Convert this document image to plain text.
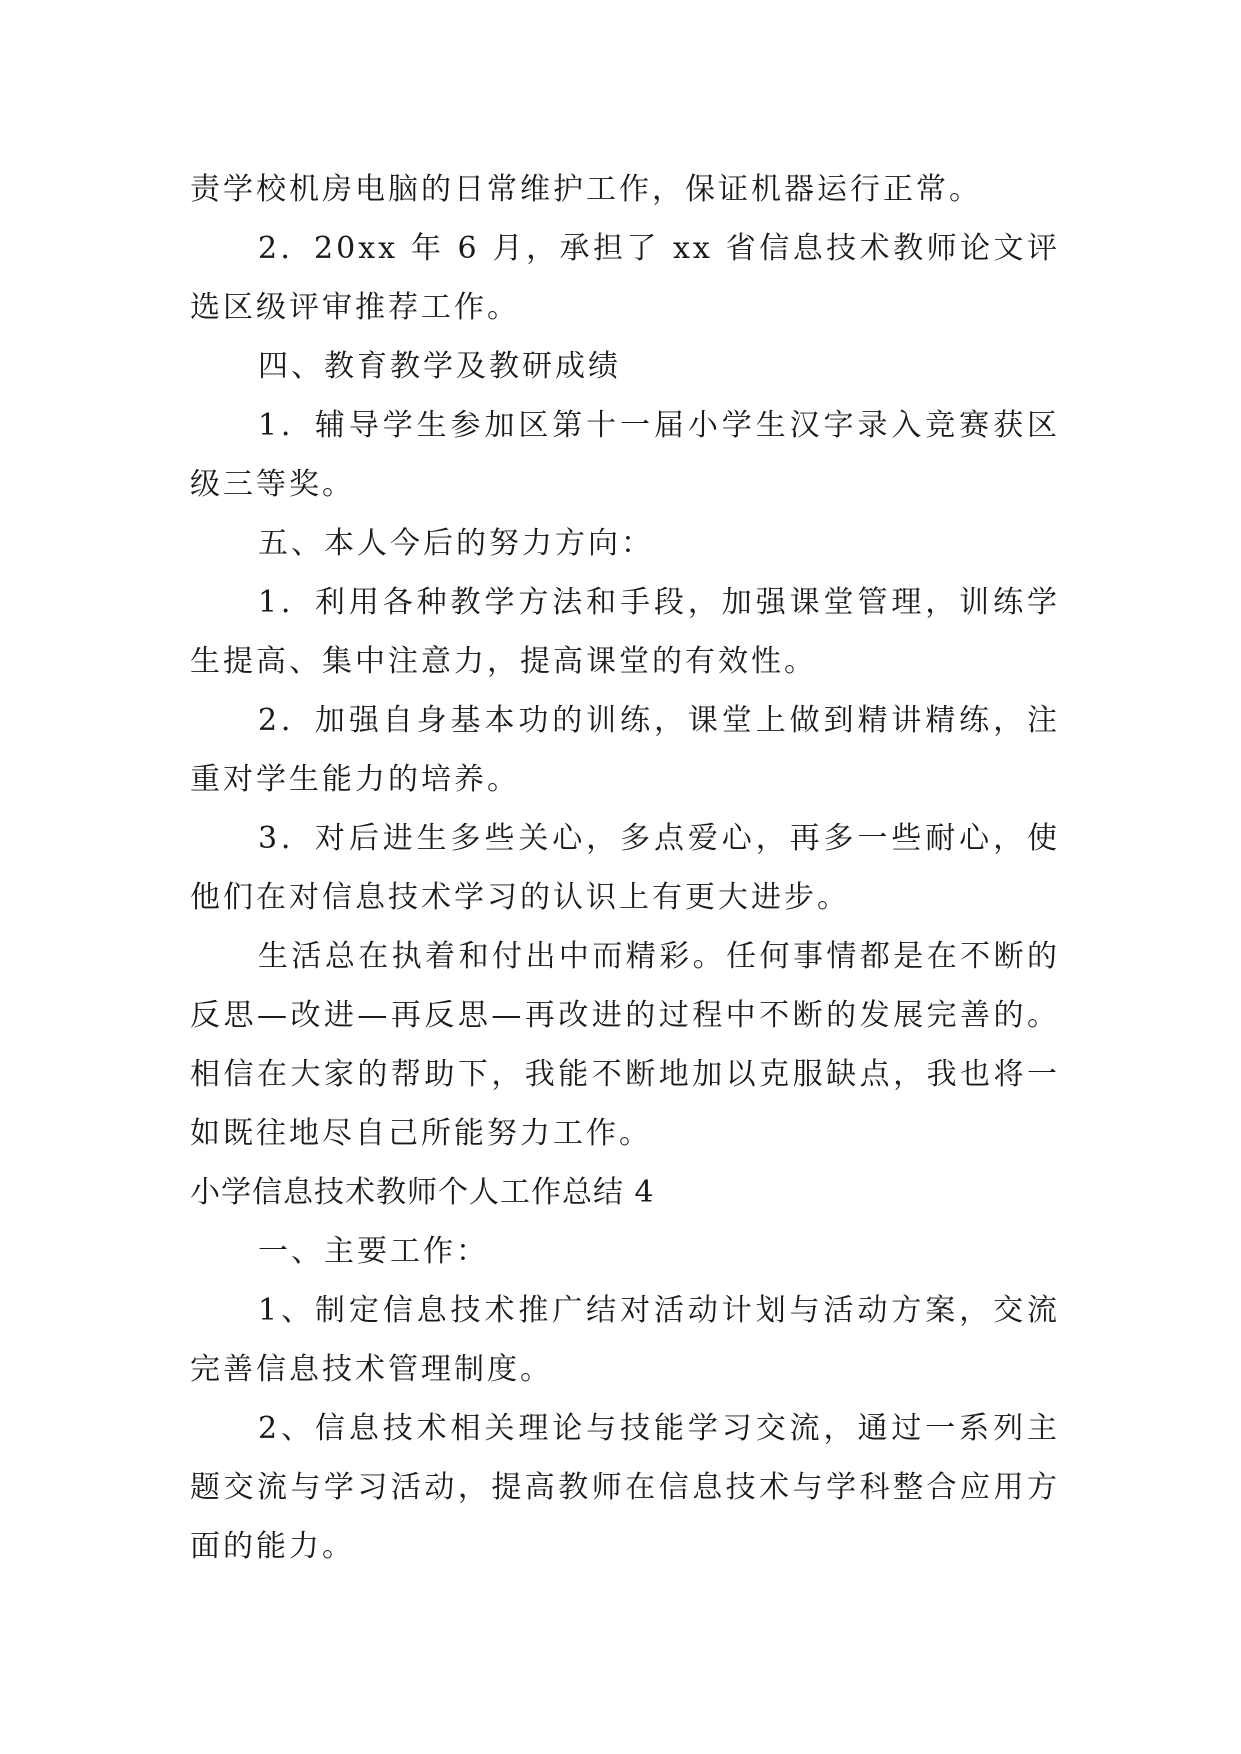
责学校机房电脑的日常维护工作，保证机器运行正常。

2．20xx 年 6 月，承担了 xx 省信息技术教师论文评选区级评审推荐工作。

四、教育教学及教研成绩

1．辅导学生参加区第十一届小学生汉字录入竞赛获区级三等奖。

五、本人今后的努力方向：

1．利用各种教学方法和手段，加强课堂管理，训练学生提高、集中注意力，提高课堂的有效性。

2．加强自身基本功的训练，课堂上做到精讲精练，注重对学生能力的培养。

3．对后进生多些关心，多点爱心，再多一些耐心，使他们在对信息技术学习的认识上有更大进步。

生活总在执着和付出中而精彩。任何事情都是在不断的反思—改进—再反思—再改进的过程中不断的发展完善的。相信在大家的帮助下，我能不断地加以克服缺点，我也将一如既往地尽自己所能努力工作。

小学信息技术教师个人工作总结 4

一、主要工作：

1、制定信息技术推广结对活动计划与活动方案，交流完善信息技术管理制度。

2、信息技术相关理论与技能学习交流，通过一系列主题交流与学习活动，提高教师在信息技术与学科整合应用方面的能力。
